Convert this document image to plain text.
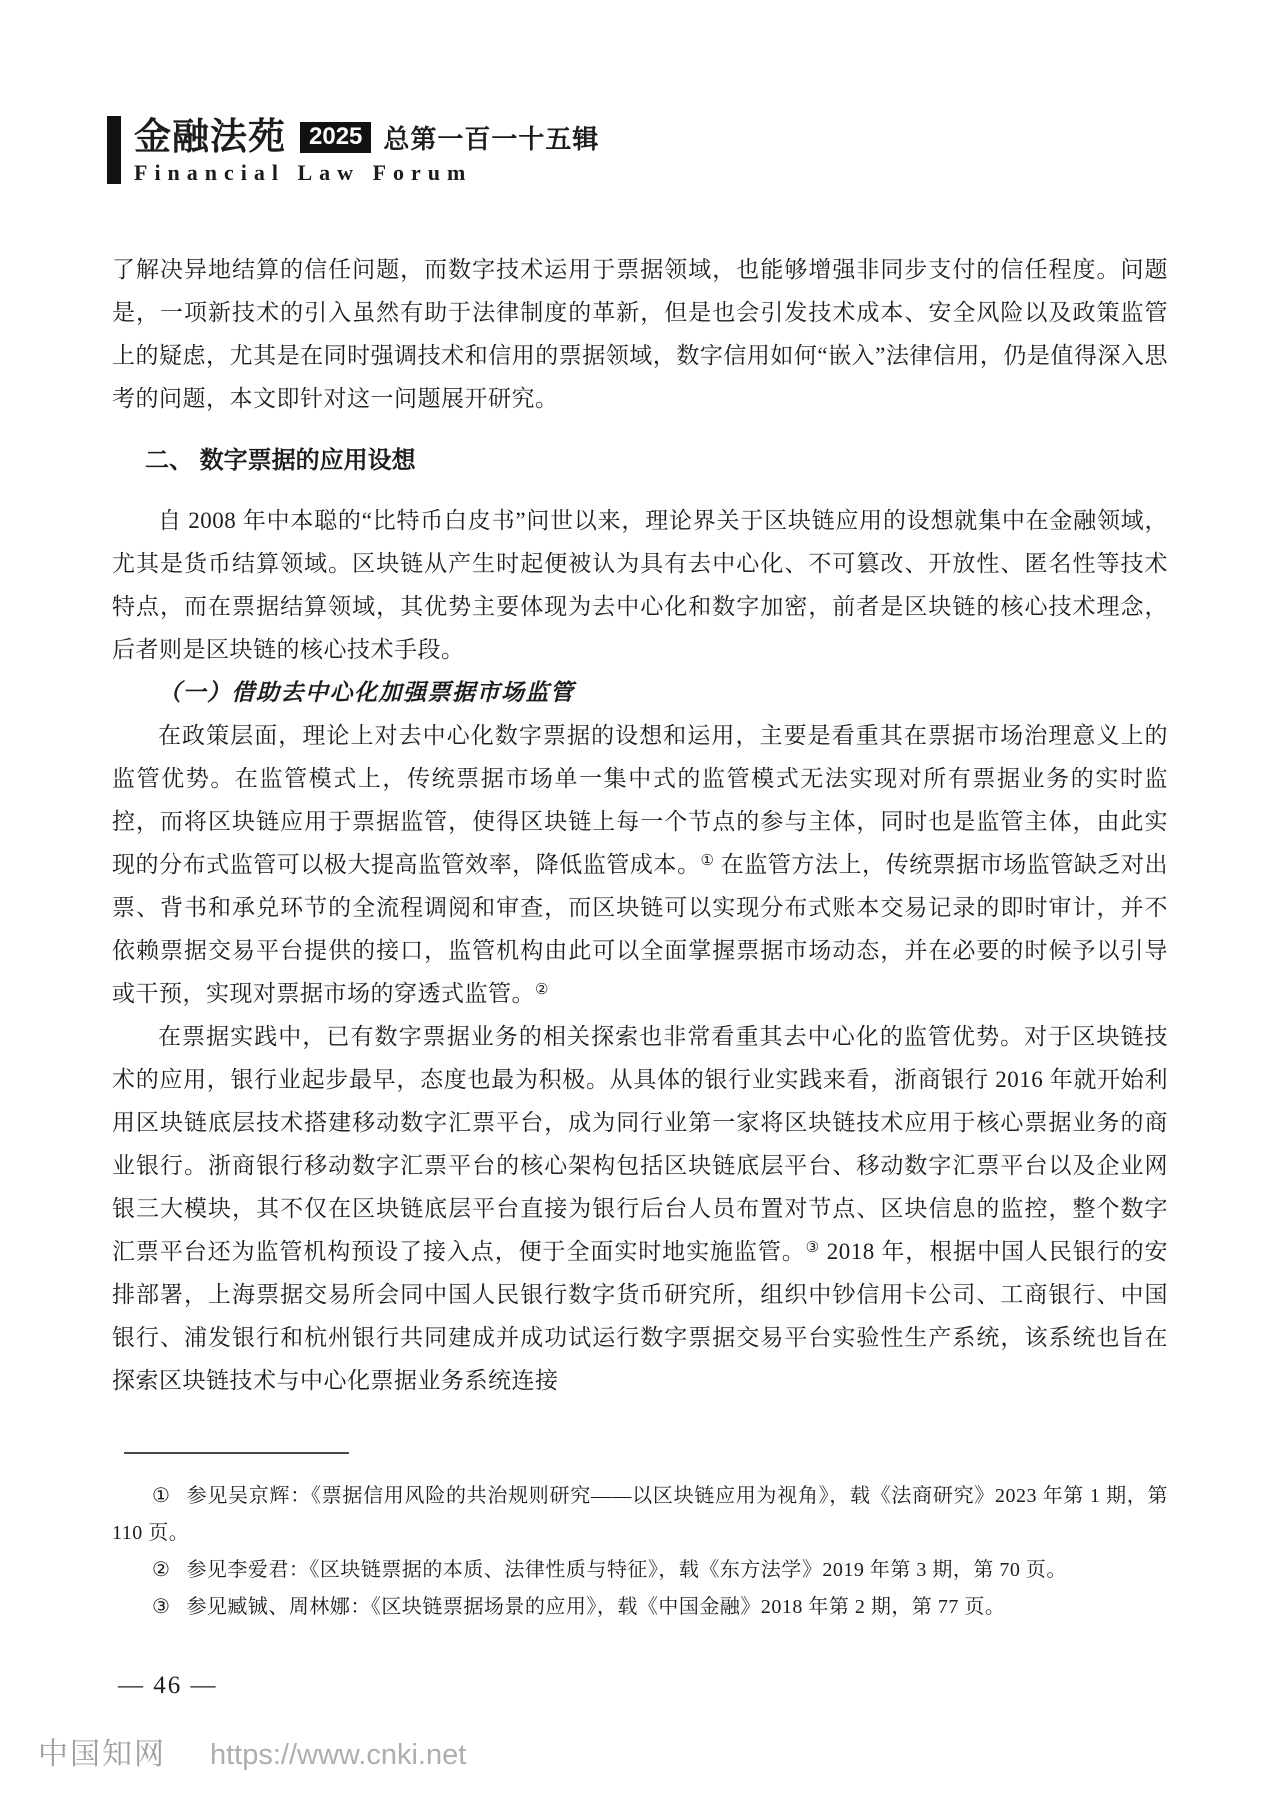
金融法苑 2025 总第一百一十五辑
Financial Law Forum

了解决异地结算的信任问题，而数字技术运用于票据领域，也能够增强非同步支付的信任程度。问题是，一项新技术的引入虽然有助于法律制度的革新，但是也会引发技术成本、安全风险以及政策监管上的疑虑，尤其是在同时强调技术和信用的票据领域，数字信用如何“嵌入”法律信用，仍是值得深入思考的问题，本文即针对这一问题展开研究。

二、 数字票据的应用设想

自 2008 年中本聪的“比特币白皮书”问世以来，理论界关于区块链应用的设想就集中在金融领域，尤其是货币结算领域。区块链从产生时起便被认为具有去中心化、不可篡改、开放性、匿名性等技术特点，而在票据结算领域，其优势主要体现为去中心化和数字加密，前者是区块链的核心技术理念，后者则是区块链的核心技术手段。

（一）借助去中心化加强票据市场监管

在政策层面，理论上对去中心化数字票据的设想和运用，主要是看重其在票据市场治理意义上的监管优势。在监管模式上，传统票据市场单一集中式的监管模式无法实现对所有票据业务的实时监控，而将区块链应用于票据监管，使得区块链上每一个节点的参与主体，同时也是监管主体，由此实现的分布式监管可以极大提高监管效率，降低监管成本。① 在监管方法上，传统票据市场监管缺乏对出票、背书和承兑环节的全流程调阅和审查，而区块链可以实现分布式账本交易记录的即时审计，并不依赖票据交易平台提供的接口，监管机构由此可以全面掌握票据市场动态，并在必要的时候予以引导或干预，实现对票据市场的穿透式监管。②

在票据实践中，已有数字票据业务的相关探索也非常看重其去中心化的监管优势。对于区块链技术的应用，银行业起步最早，态度也最为积极。从具体的银行业实践来看，浙商银行 2016 年就开始利用区块链底层技术搭建移动数字汇票平台，成为同行业第一家将区块链技术应用于核心票据业务的商业银行。浙商银行移动数字汇票平台的核心架构包括区块链底层平台、移动数字汇票平台以及企业网银三大模块，其不仅在区块链底层平台直接为银行后台人员布置对节点、区块信息的监控，整个数字汇票平台还为监管机构预设了接入点，便于全面实时地实施监管。③ 2018 年，根据中国人民银行的安排部署，上海票据交易所会同中国人民银行数字货币研究所，组织中钞信用卡公司、工商银行、中国银行、浦发银行和杭州银行共同建成并成功试运行数字票据交易平台实验性生产系统，该系统也旨在探索区块链技术与中心化票据业务系统连接

① 参见吴京辉：《票据信用风险的共治规则研究——以区块链应用为视角》，载《法商研究》2023 年第 1 期，第 110 页。

② 参见李爱君：《区块链票据的本质、法律性质与特征》，载《东方法学》2019 年第 3 期，第 70 页。

③ 参见臧铖、周林娜：《区块链票据场景的应用》，载《中国金融》2018 年第 2 期，第 77 页。

— 46 —
中国知网 https://www.cnki.net
